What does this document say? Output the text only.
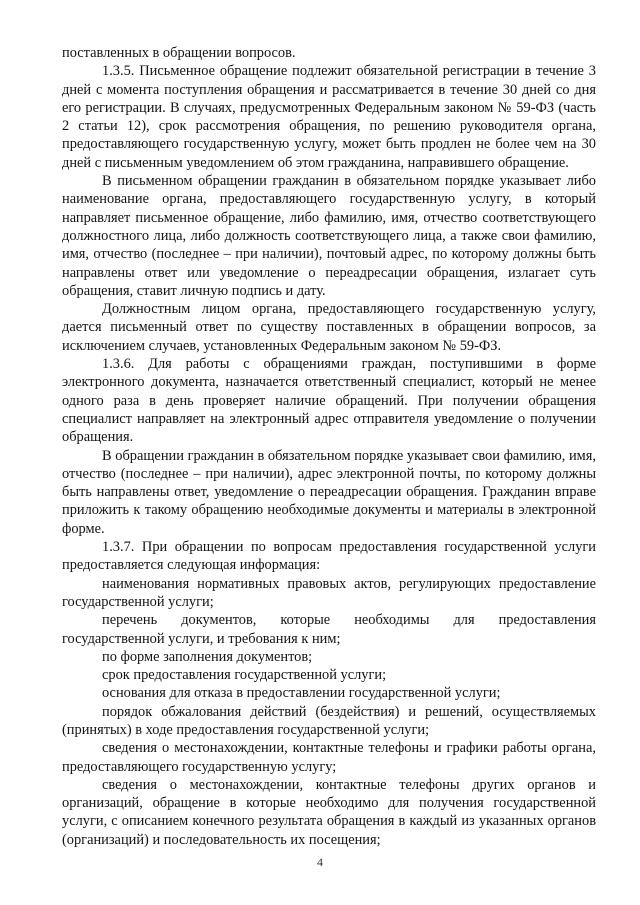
поставленных в обращении вопросов.

1.3.5. Письменное обращение подлежит обязательной регистрации в течение 3 дней с момента поступления обращения и рассматривается в течение 30 дней со дня его регистрации. В случаях, предусмотренных Федеральным законом № 59-ФЗ (часть 2 статьи 12), срок рассмотрения обращения, по решению руководителя органа, предоставляющего государственную услугу, может быть продлен не более чем на 30 дней с письменным уведомлением об этом гражданина, направившего обращение.

В письменном обращении гражданин в обязательном порядке указывает либо наименование органа, предоставляющего государственную услугу, в который направляет письменное обращение, либо фамилию, имя, отчество соответствующего должностного лица, либо должность соответствующего лица, а также свои фамилию, имя, отчество (последнее – при наличии), почтовый адрес, по которому должны быть направлены ответ или уведомление о переадресации обращения, излагает суть обращения, ставит личную подпись и дату.

Должностным лицом органа, предоставляющего государственную услугу, дается письменный ответ по существу поставленных в обращении вопросов, за исключением случаев, установленных Федеральным законом № 59-ФЗ.

1.3.6. Для работы с обращениями граждан, поступившими в форме электронного документа, назначается ответственный специалист, который не менее одного раза в день проверяет наличие обращений. При получении обращения специалист направляет на электронный адрес отправителя уведомление о получении обращения.

В обращении гражданин в обязательном порядке указывает свои фамилию, имя, отчество (последнее – при наличии), адрес электронной почты, по которому должны быть направлены ответ, уведомление о переадресации обращения. Гражданин вправе приложить к такому обращению необходимые документы и материалы в электронной форме.

1.3.7. При обращении по вопросам предоставления государственной услуги предоставляется следующая информация:

наименования нормативных правовых актов, регулирующих предоставление государственной услуги;

перечень документов, которые необходимы для предоставления государственной услуги, и требования к ним;

по форме заполнения документов;

срок предоставления государственной услуги;

основания для отказа в предоставлении государственной услуги;

порядок обжалования действий (бездействия) и решений, осуществляемых (принятых) в ходе предоставления государственной услуги;

сведения о местонахождении, контактные телефоны и графики работы органа, предоставляющего государственную услугу;

сведения о местонахождении, контактные телефоны других органов и организаций, обращение в которые необходимо для получения государственной услуги, с описанием конечного результата обращения в каждый из указанных органов (организаций) и последовательность их посещения;

4
